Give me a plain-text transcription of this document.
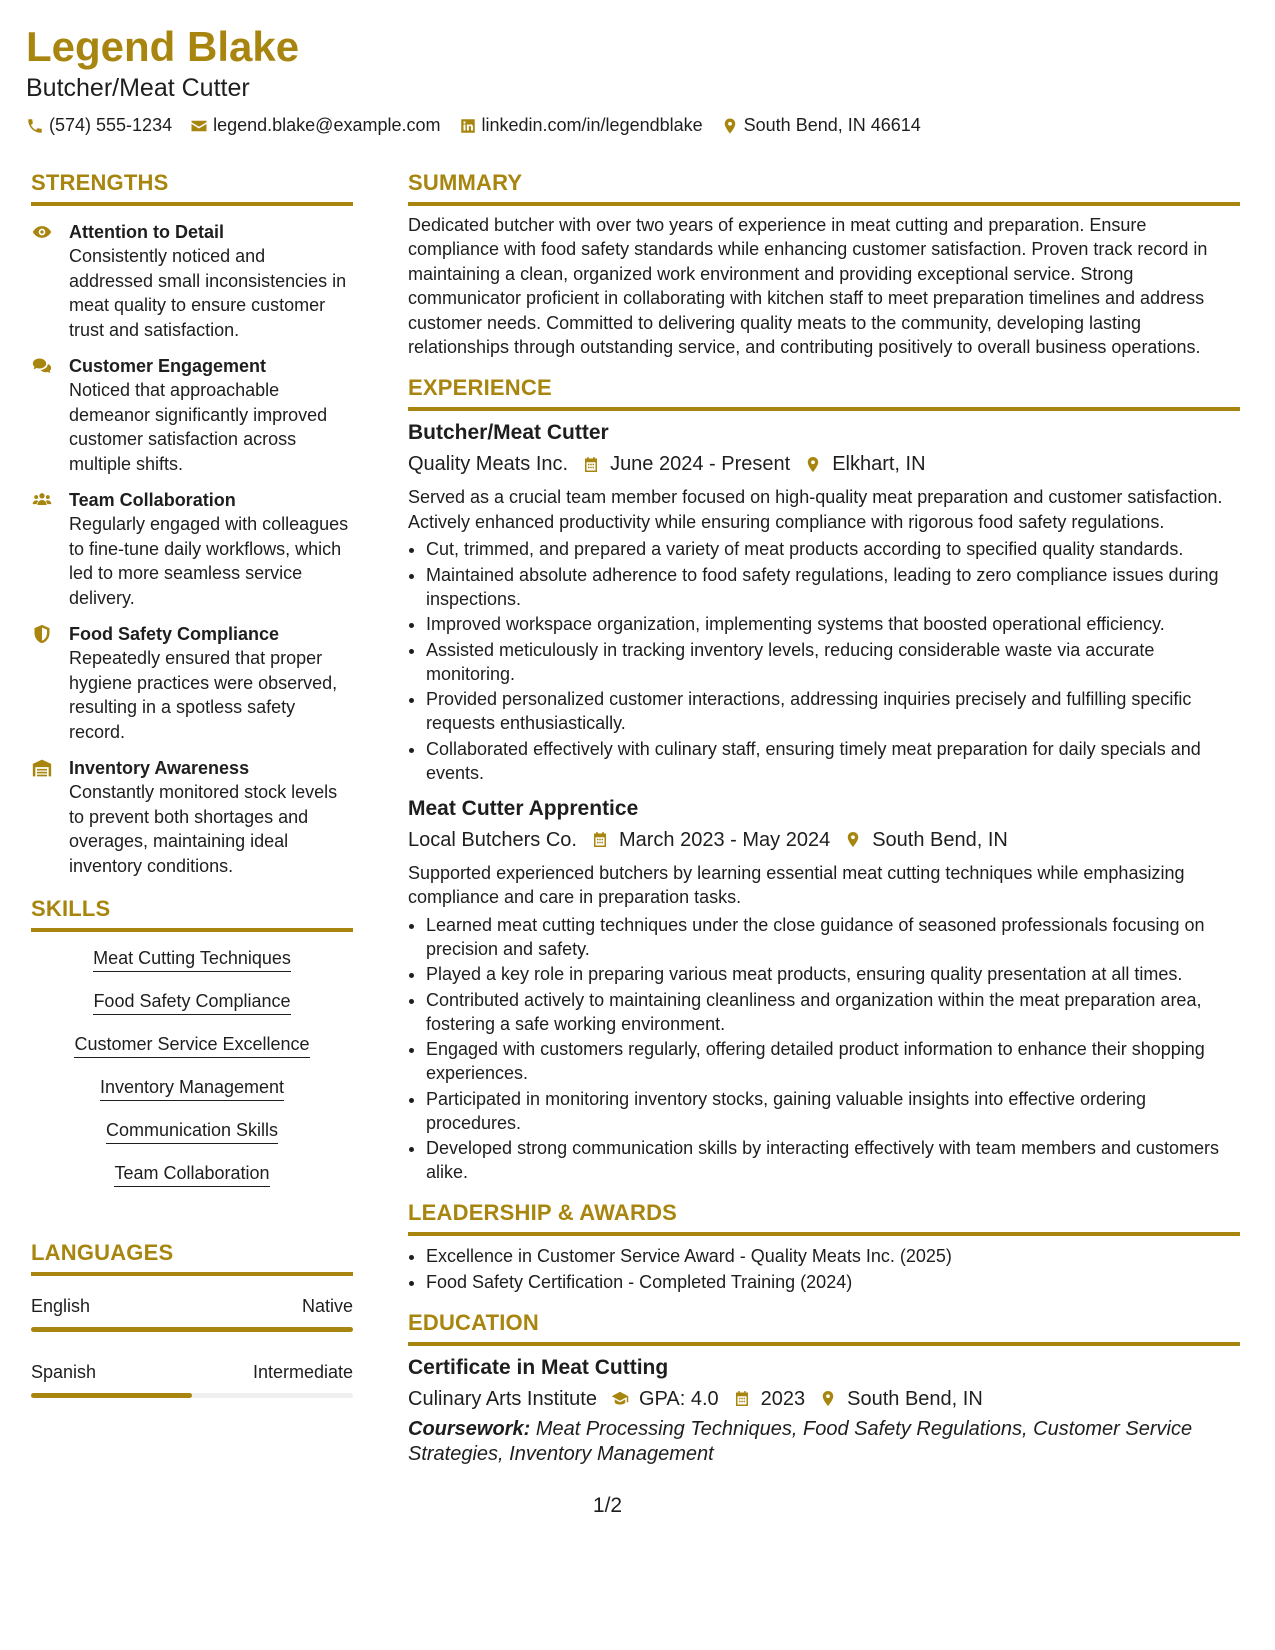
Legend Blake
Butcher/Meat Cutter
(574) 555-1234 legend.blake@example.com linkedin.com/in/legendblake South Bend, IN 46614
STRENGTHS
Attention to Detail
Consistently noticed and addressed small inconsistencies in meat quality to ensure customer trust and satisfaction.
Customer Engagement
Noticed that approachable demeanor significantly improved customer satisfaction across multiple shifts.
Team Collaboration
Regularly engaged with colleagues to fine-tune daily workflows, which led to more seamless service delivery.
Food Safety Compliance
Repeatedly ensured that proper hygiene practices were observed, resulting in a spotless safety record.
Inventory Awareness
Constantly monitored stock levels to prevent both shortages and overages, maintaining ideal inventory conditions.
SKILLS
Meat Cutting Techniques
Food Safety Compliance
Customer Service Excellence
Inventory Management
Communication Skills
Team Collaboration
LANGUAGES
English	Native
Spanish	Intermediate
SUMMARY
Dedicated butcher with over two years of experience in meat cutting and preparation. Ensure compliance with food safety standards while enhancing customer satisfaction. Proven track record in maintaining a clean, organized work environment and providing exceptional service. Strong communicator proficient in collaborating with kitchen staff to meet preparation timelines and address customer needs. Committed to delivering quality meats to the community, developing lasting relationships through outstanding service, and contributing positively to overall business operations.
EXPERIENCE
Butcher/Meat Cutter
Quality Meats Inc. June 2024 - Present Elkhart, IN
Served as a crucial team member focused on high-quality meat preparation and customer satisfaction. Actively enhanced productivity while ensuring compliance with rigorous food safety regulations.
• Cut, trimmed, and prepared a variety of meat products according to specified quality standards.
• Maintained absolute adherence to food safety regulations, leading to zero compliance issues during inspections.
• Improved workspace organization, implementing systems that boosted operational efficiency.
• Assisted meticulously in tracking inventory levels, reducing considerable waste via accurate monitoring.
• Provided personalized customer interactions, addressing inquiries precisely and fulfilling specific requests enthusiastically.
• Collaborated effectively with culinary staff, ensuring timely meat preparation for daily specials and events.
Meat Cutter Apprentice
Local Butchers Co. March 2023 - May 2024 South Bend, IN
Supported experienced butchers by learning essential meat cutting techniques while emphasizing compliance and care in preparation tasks.
• Learned meat cutting techniques under the close guidance of seasoned professionals focusing on precision and safety.
• Played a key role in preparing various meat products, ensuring quality presentation at all times.
• Contributed actively to maintaining cleanliness and organization within the meat preparation area, fostering a safe working environment.
• Engaged with customers regularly, offering detailed product information to enhance their shopping experiences.
• Participated in monitoring inventory stocks, gaining valuable insights into effective ordering procedures.
• Developed strong communication skills by interacting effectively with team members and customers alike.
LEADERSHIP & AWARDS
• Excellence in Customer Service Award - Quality Meats Inc. (2025)
• Food Safety Certification - Completed Training (2024)
EDUCATION
Certificate in Meat Cutting
Culinary Arts Institute GPA: 4.0 2023 South Bend, IN
Coursework: Meat Processing Techniques, Food Safety Regulations, Customer Service Strategies, Inventory Management
1/2
